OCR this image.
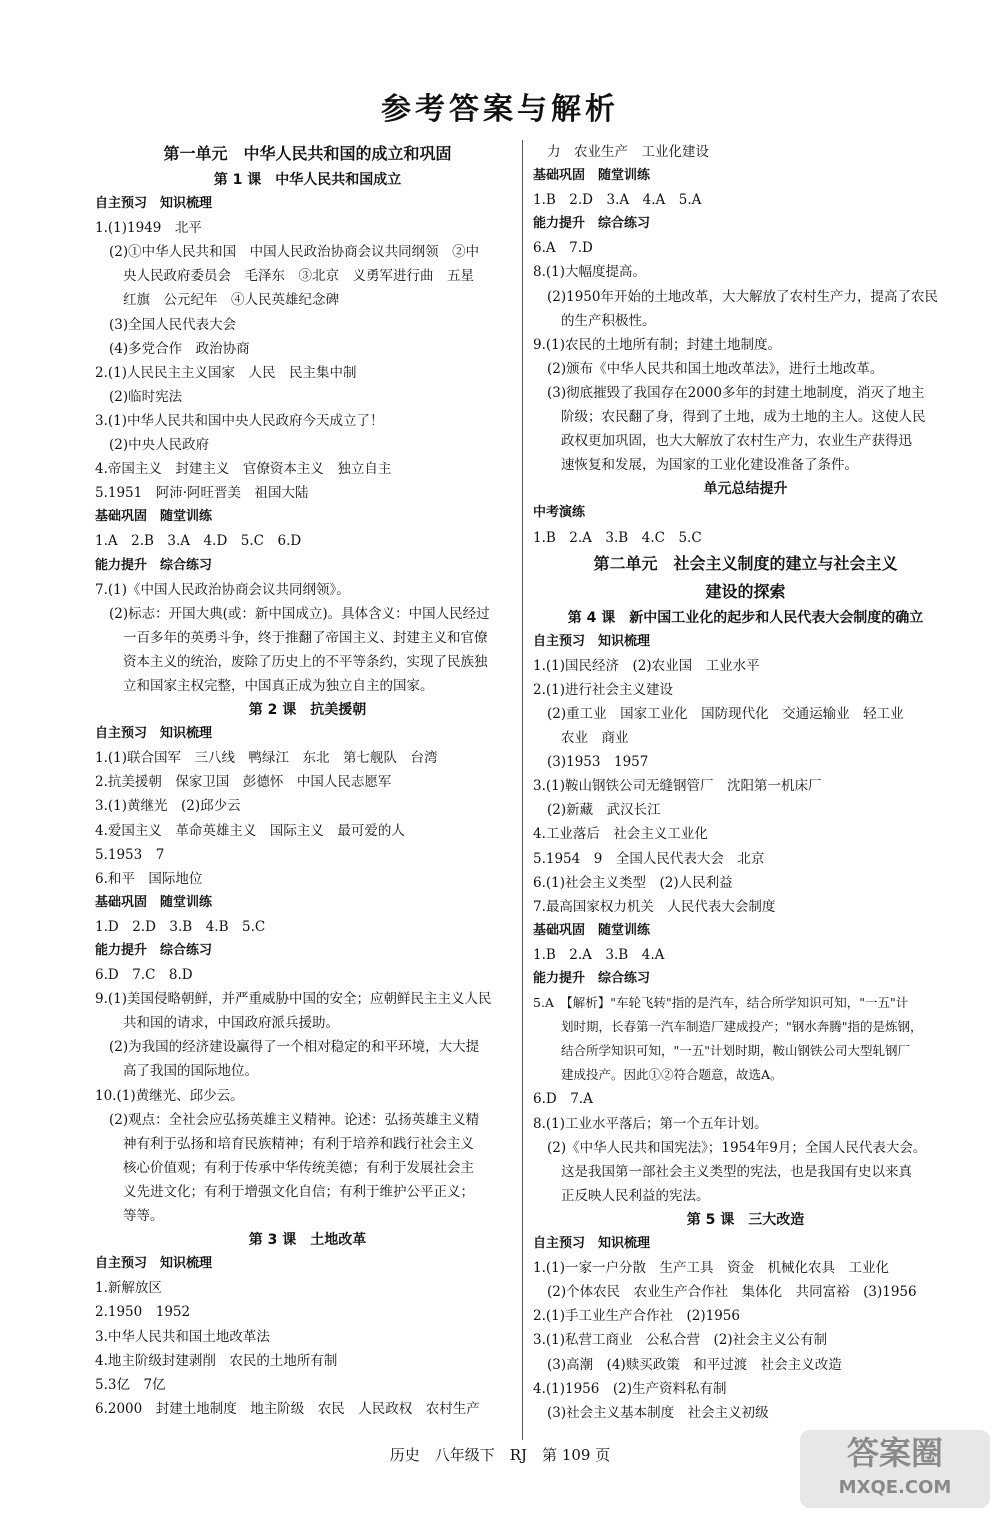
参考答案与解析
第一单元　中华人民共和国的成立和巩固
第 1 课　中华人民共和国成立
自主预习　知识梳理
1.(1)1949　北平
(2)①中华人民共和国　中国人民政治协商会议共同纲领　②中
央人民政府委员会　毛泽东　③北京　义勇军进行曲　五星
红旗　公元纪年　④人民英雄纪念碑
(3)全国人民代表大会
(4)多党合作　政治协商
2.(1)人民民主主义国家　人民　民主集中制
(2)临时宪法
3.(1)中华人民共和国中央人民政府今天成立了！
(2)中央人民政府
4.帝国主义　封建主义　官僚资本主义　独立自主
5.1951　阿沛·阿旺晋美　祖国大陆
基础巩固　随堂训练
1.A　2.B　3.A　4.D　5.C　6.D
能力提升　综合练习
7.(1)《中国人民政治协商会议共同纲领》。
(2)标志：开国大典(或：新中国成立)。具体含义：中国人民经过
一百多年的英勇斗争，终于推翻了帝国主义、封建主义和官僚
资本主义的统治，废除了历史上的不平等条约，实现了民族独
立和国家主权完整，中国真正成为独立自主的国家。
第 2 课　抗美援朝
自主预习　知识梳理
1.(1)联合国军　三八线　鸭绿江　东北　第七舰队　台湾
2.抗美援朝　保家卫国　彭德怀　中国人民志愿军
3.(1)黄继光　(2)邱少云
4.爱国主义　革命英雄主义　国际主义　最可爱的人
5.1953　7
6.和平　国际地位
基础巩固　随堂训练
1.D　2.D　3.B　4.B　5.C
能力提升　综合练习
6.D　7.C　8.D
9.(1)美国侵略朝鲜，并严重威胁中国的安全；应朝鲜民主主义人民
共和国的请求，中国政府派兵援助。
(2)为我国的经济建设赢得了一个相对稳定的和平环境，大大提
高了我国的国际地位。
10.(1)黄继光、邱少云。
(2)观点：全社会应弘扬英雄主义精神。论述：弘扬英雄主义精
神有利于弘扬和培育民族精神；有利于培养和践行社会主义
核心价值观；有利于传承中华传统美德；有利于发展社会主
义先进文化；有利于增强文化自信；有利于维护公平正义；
等等。
第 3 课　土地改革
自主预习　知识梳理
1.新解放区
2.1950　1952
3.中华人民共和国土地改革法
4.地主阶级封建剥削　农民的土地所有制
5.3亿　7亿
6.2000　封建土地制度　地主阶级　农民　人民政权　农村生产
力　农业生产　工业化建设
基础巩固　随堂训练
1.B　2.D　3.A　4.A　5.A
能力提升　综合练习
6.A　7.D
8.(1)大幅度提高。
(2)1950年开始的土地改革，大大解放了农村生产力，提高了农民
的生产积极性。
9.(1)农民的土地所有制；封建土地制度。
(2)颁布《中华人民共和国土地改革法》，进行土地改革。
(3)彻底摧毁了我国存在2000多年的封建土地制度，消灭了地主
阶级；农民翻了身，得到了土地，成为土地的主人。这使人民
政权更加巩固，也大大解放了农村生产力，农业生产获得迅
速恢复和发展，为国家的工业化建设准备了条件。
单元总结提升
中考演练
1.B　2.A　3.B　4.C　5.C
第二单元　社会主义制度的建立与社会主义
建设的探索
第 4 课　新中国工业化的起步和人民代表大会制度的确立
自主预习　知识梳理
1.(1)国民经济　(2)农业国　工业水平
2.(1)进行社会主义建设
(2)重工业　国家工业化　国防现代化　交通运输业　轻工业
农业　商业
(3)1953　1957
3.(1)鞍山钢铁公司无缝钢管厂　沈阳第一机床厂
(2)新藏　武汉长江
4.工业落后　社会主义工业化
5.1954　9　全国人民代表大会　北京
6.(1)社会主义类型　(2)人民利益
7.最高国家权力机关　人民代表大会制度
基础巩固　随堂训练
1.B　2.A　3.B　4.A
能力提升　综合练习
5.A　【解析】"车轮飞转"指的是汽车，结合所学知识可知，"一五"计
划时期，长春第一汽车制造厂建成投产；"钢水奔腾"指的是炼钢，
结合所学知识可知，"一五"计划时期，鞍山钢铁公司大型轧钢厂
建成投产。因此①②符合题意，故选A。
6.D　7.A
8.(1)工业水平落后；第一个五年计划。
(2)《中华人民共和国宪法》；1954年9月；全国人民代表大会。
这是我国第一部社会主义类型的宪法，也是我国有史以来真
正反映人民利益的宪法。
第 5 课　三大改造
自主预习　知识梳理
1.(1)一家一户分散　生产工具　资金　机械化农具　工业化
(2)个体农民　农业生产合作社　集体化　共同富裕　(3)1956
2.(1)手工业生产合作社　(2)1956
3.(1)私营工商业　公私合营　(2)社会主义公有制
(3)高潮　(4)赎买政策　和平过渡　社会主义改造
4.(1)1956　(2)生产资料私有制
(3)社会主义基本制度　社会主义初级
历史　八年级下　RJ　第 109 页	答案圈
MXQE.COM
